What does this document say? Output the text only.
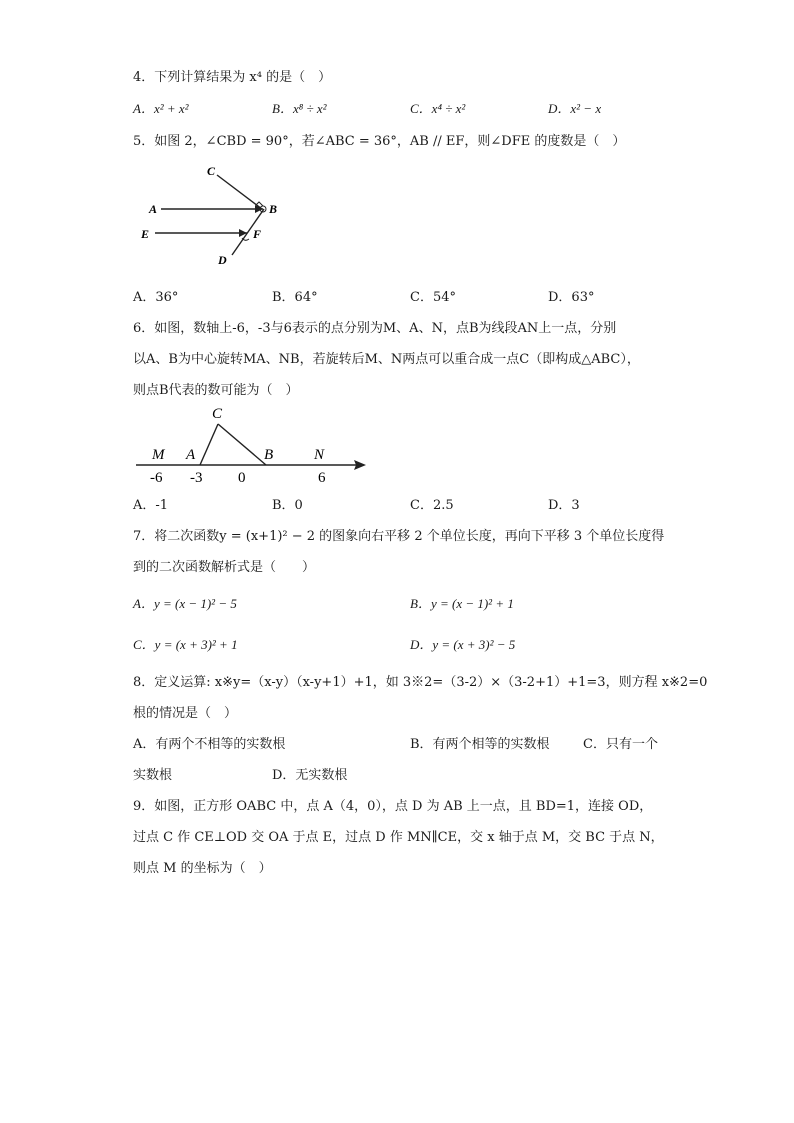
4．下列计算结果为 x⁴ 的是（　）
A．x² + x²	B．x⁸ ÷ x²	C．x⁴ ÷ x²	D．x² − x
5．如图 2，∠CBD = 90°，若∠ABC = 36°，AB // EF，则∠DFE 的度数是（　）
C
A	B
E	F
D
A．36°	B．64°	C．54°	D．63°
6．如图，数轴上-6，-3与6表示的点分别为M、A、N，点B为线段AN上一点，分别
以A、B为中心旋转MA、NB，若旋转后M、N两点可以重合成一点C（即构成△ABC），
则点B代表的数可能为（　）
M A
C
B	N
-6 -3 0	6
A．-1	B．0	C．2.5	D．3
7．将二次函数y = (x+1)² − 2 的图象向右平移 2 个单位长度，再向下平移 3 个单位长度得
到的二次函数解析式是（　　）
A．y = (x − 1)² − 5	B．y = (x − 1)² + 1
C．y = (x + 3)² + 1	D．y = (x + 3)² − 5
8．定义运算: x※y=（x-y）（x-y+1）+1，如 3※2=（3-2）×（3-2+1）+1=3，则方程 x※2=0
根的情况是（　）
A．有两个不相等的实数根	B．有两个相等的实数根	C．只有一个
实数根	D．无实数根
9．如图，正方形 OABC 中，点 A（4，0），点 D 为 AB 上一点，且 BD=1，连接 OD，
过点 C 作 CE⊥OD 交 OA 于点 E，过点 D 作 MN∥CE，交 x 轴于点 M，交 BC 于点 N，
则点 M 的坐标为（　）
